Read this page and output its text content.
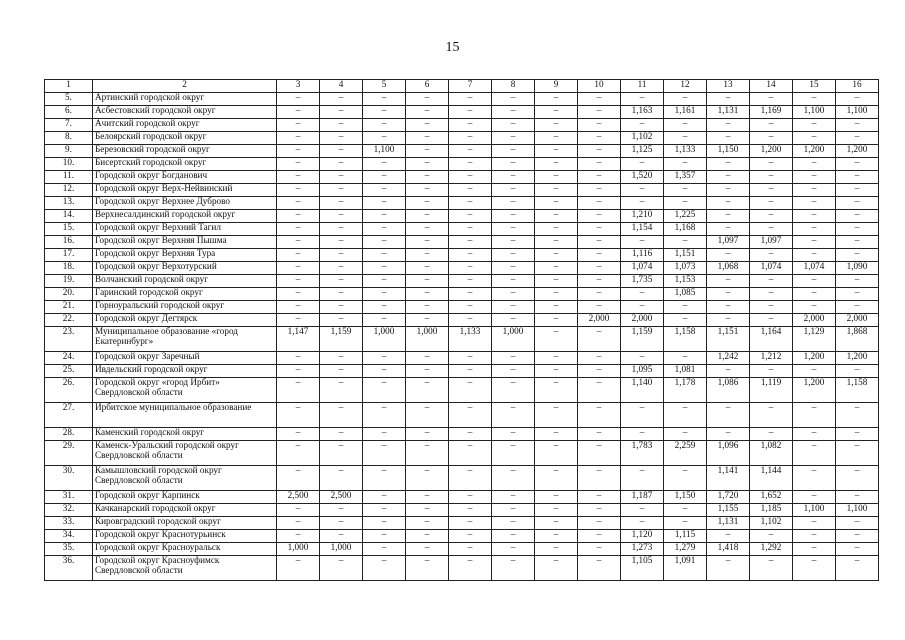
15
1	2	3	4	5	6	7	8	9	10	11	12	13	14	15	16
5.	Артинский городской округ	–	–	–	–	–	–	–	–	–	–	–	–	–	–
6.	Асбестовский городской округ	–	–	–	–	–	–	–	–	1,163	1,161	1,131	1,169	1,100	1,100
7.	Ачитский городской округ	–	–	–	–	–	–	–	–	–	–	–	–	–	–
8.	Белоярский городской округ	–	–	–	–	–	–	–	–	1,102	–	–	–	–	–
9.	Березовский городской округ	–	–	1,100	–	–	–	–	–	1,125	1,133	1,150	1,200	1,200	1,200
10.	Бисертский городской округ	–	–	–	–	–	–	–	–	–	–	–	–	–	–
11.	Городской округ Богданович	–	–	–	–	–	–	–	–	1,520	1,357	–	–	–	–
12.	Городской округ Верх-Нейвинский	–	–	–	–	–	–	–	–	–	–	–	–	–	–
13.	Городской округ Верхнее Дуброво	–	–	–	–	–	–	–	–	–	–	–	–	–	–
14.	Верхнесалдинский городской округ	–	–	–	–	–	–	–	–	1,210	1,225	–	–	–	–
15.	Городской округ Верхний Тагил	–	–	–	–	–	–	–	–	1,154	1,168	–	–	–	–
16.	Городской округ Верхняя Пышма	–	–	–	–	–	–	–	–	–	–	1,097	1,097	–	–
17.	Городской округ Верхняя Тура	–	–	–	–	–	–	–	–	1,116	1,151	–	–	–	–
18.	Городской округ Верхотурский	–	–	–	–	–	–	–	–	1,074	1,073	1,068	1,074	1,074	1,090
19.	Волчанский городской округ	–	–	–	–	–	–	–	–	1,735	1,153	–	–	–	–
20.	Гаринский городской округ	–	–	–	–	–	–	–	–	–	1,085	–	–	–	–
21.	Горноуральский городской округ	–	–	–	–	–	–	–	–	–	–	–	–	–	–
22.	Городской округ Дегтярск	–	–	–	–	–	–	–	2,000	2,000	–	–	–	2,000	2,000
23.	Муниципальное образование «город Екатеринбург»	1,147	1,159	1,000	1,000	1,133	1,000	–	–	1,159	1,158	1,151	1,164	1,129	1,868
24.	Городской округ Заречный	–	–	–	–	–	–	–	–	–	–	1,242	1,212	1,200	1,200
25.	Ивдельский городской округ	–	–	–	–	–	–	–	–	1,095	1,081	–	–	–	–
26.	Городской округ «город Ирбит» Свердловской области	–	–	–	–	–	–	–	–	1,140	1,178	1,086	1,119	1,200	1,158
27.	Ирбитское муниципальное образование	–	–	–	–	–	–	–	–	–	–	–	–	–	–
28.	Каменский городской округ	–	–	–	–	–	–	–	–	–	–	–	–	–	–
29.	Каменск-Уральский городской округ Свердловской области	–	–	–	–	–	–	–	–	1,783	2,259	1,096	1,082	–	–
30.	Камышловский городской округ Свердловской области	–	–	–	–	–	–	–	–	–	–	1,141	1,144	–	–
31.	Городской округ Карпинск	2,500	2,500	–	–	–	–	–	–	1,187	1,150	1,720	1,652	–	–
32.	Качканарский городской округ	–	–	–	–	–	–	–	–	–	–	1,155	1,185	1,100	1,100
33.	Кировградский городской округ	–	–	–	–	–	–	–	–	–	–	1,131	1,102	–	–
34.	Городской округ Краснотурьинск	–	–	–	–	–	–	–	–	1,120	1,115	–	–	–	–
35.	Городской округ Красноуральск	1,000	1,000	–	–	–	–	–	–	1,273	1,279	1,418	1,292	–	–
36.	Городской округ Красноуфимск Свердловской области	–	–	–	–	–	–	–	–	1,105	1,091	–	–	–	–
